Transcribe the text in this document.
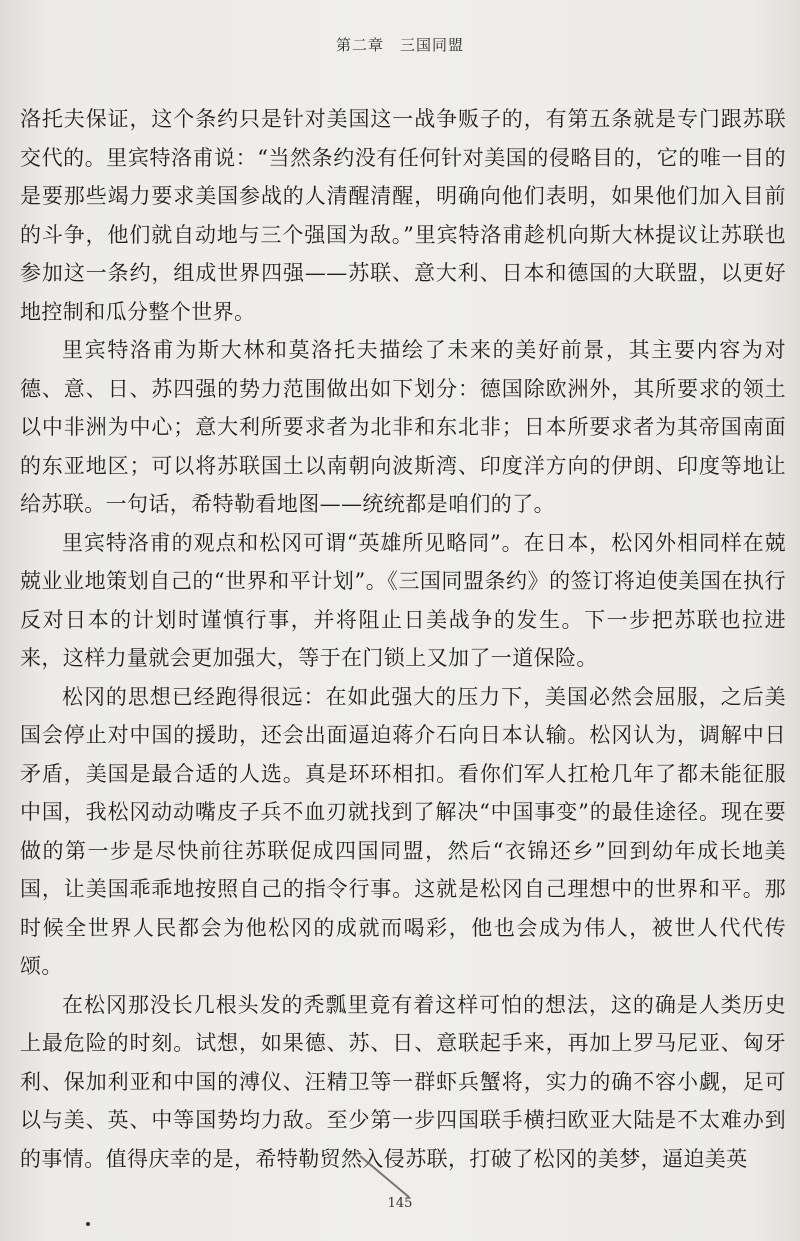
第二章　三国同盟

洛托夫保证，这个条约只是针对美国这一战争贩子的，有第五条就是专门跟苏联交代的。里宾特洛甫说：“当然条约没有任何针对美国的侵略目的，它的唯一目的是要那些竭力要求美国参战的人清醒清醒，明确向他们表明，如果他们加入目前的斗争，他们就自动地与三个强国为敌。”里宾特洛甫趁机向斯大林提议让苏联也参加这一条约，组成世界四强——苏联、意大利、日本和德国的大联盟，以更好地控制和瓜分整个世界。

里宾特洛甫为斯大林和莫洛托夫描绘了未来的美好前景，其主要内容为对德、意、日、苏四强的势力范围做出如下划分：德国除欧洲外，其所要求的领土以中非洲为中心；意大利所要求者为北非和东北非；日本所要求者为其帝国南面的东亚地区；可以将苏联国土以南朝向波斯湾、印度洋方向的伊朗、印度等地让给苏联。一句话，希特勒看地图——统统都是咱们的了。

里宾特洛甫的观点和松冈可谓“英雄所见略同”。在日本，松冈外相同样在兢兢业业地策划自己的“世界和平计划”。《三国同盟条约》的签订将迫使美国在执行反对日本的计划时谨慎行事，并将阻止日美战争的发生。下一步把苏联也拉进来，这样力量就会更加强大，等于在门锁上又加了一道保险。

松冈的思想已经跑得很远：在如此强大的压力下，美国必然会屈服，之后美国会停止对中国的援助，还会出面逼迫蒋介石向日本认输。松冈认为，调解中日矛盾，美国是最合适的人选。真是环环相扣。看你们军人扛枪几年了都未能征服中国，我松冈动动嘴皮子兵不血刃就找到了解决“中国事变”的最佳途径。现在要做的第一步是尽快前往苏联促成四国同盟，然后“衣锦还乡”回到幼年成长地美国，让美国乖乖地按照自己的指令行事。这就是松冈自己理想中的世界和平。那时候全世界人民都会为他松冈的成就而喝彩，他也会成为伟人，被世人代代传颂。

在松冈那没长几根头发的秃瓢里竟有着这样可怕的想法，这的确是人类历史上最危险的时刻。试想，如果德、苏、日、意联起手来，再加上罗马尼亚、匈牙利、保加利亚和中国的溥仪、汪精卫等一群虾兵蟹将，实力的确不容小觑，足可以与美、英、中等国势均力敌。至少第一步四国联手横扫欧亚大陆是不太难办到的事情。值得庆幸的是，希特勒贸然入侵苏联，打破了松冈的美梦，逼迫美英

145
